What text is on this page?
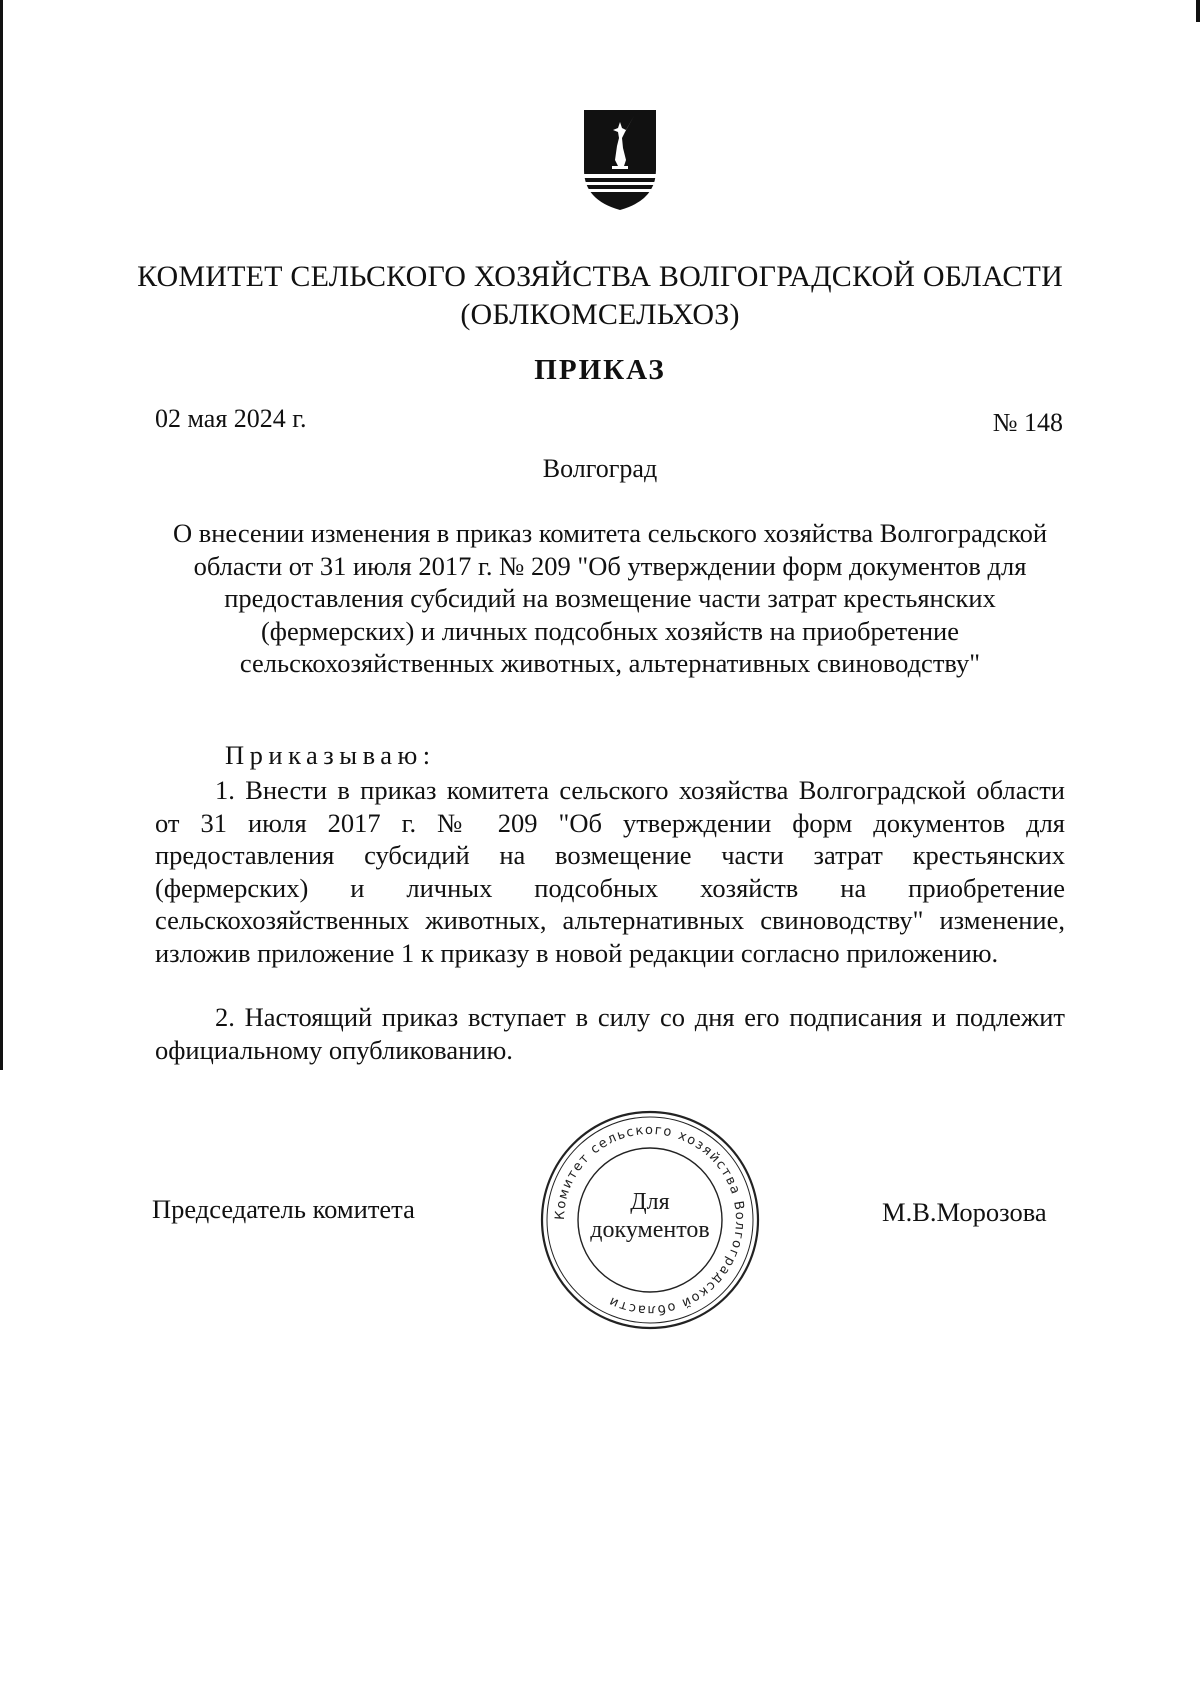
КОМИТЕТ СЕЛЬСКОГО ХОЗЯЙСТВА ВОЛГОГРАДСКОЙ ОБЛАСТИ
(ОБЛКОМСЕЛЬХОЗ)
ПРИКАЗ
02 мая 2024 г.	№ 148
Волгоград
О внесении изменения в приказ комитета сельского хозяйства Волгоградской области от 31 июля 2017 г. № 209 "Об утверждении форм документов для предоставления субсидий на возмещение части затрат крестьянских (фермерских) и личных подсобных хозяйств на приобретение сельскохозяйственных животных, альтернативных свиноводству"
Приказываю:
1. Внести в приказ комитета сельского хозяйства Волгоградской области от 31 июля 2017 г. № 209 "Об утверждении форм документов для предоставления субсидий на возмещение части затрат крестьянских (фермерских) и личных подсобных хозяйств на приобретение сельскохозяйственных животных, альтернативных свиноводству" изменение, изложив приложение 1 к приказу в новой редакции согласно приложению.
2. Настоящий приказ вступает в силу со дня его подписания и подлежит официальному опубликованию.
Председатель комитета	М.В.Морозова
Комитет сельского хозяйства Волгоградской области
Для
документов
